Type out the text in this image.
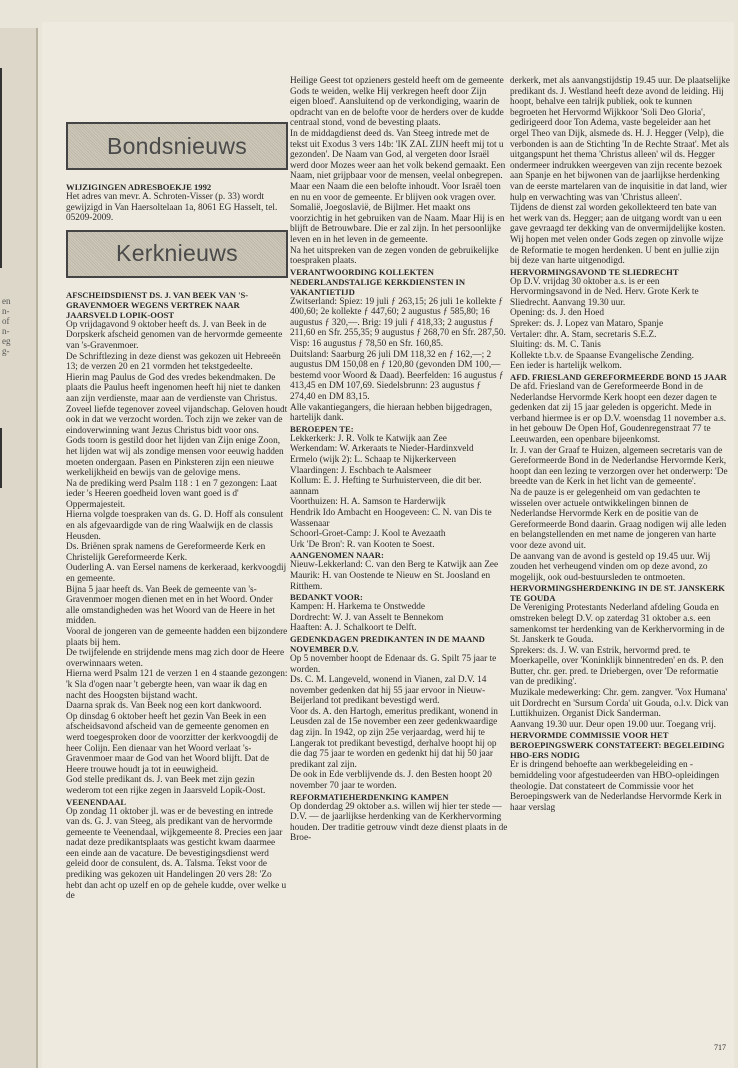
en
n-
of
n-
eg
g-
Bondsnieuws

WIJZIGINGEN ADRESBOEKJE 1992

Het adres van mevr. A. Schroten-Visser (p. 33) wordt gewijzigd in Van Haersoltelaan 1a, 8061 EG Hasselt, tel. 05209-2009.

Kerknieuws

AFSCHEIDSDIENST DS. J. VAN BEEK VAN 'S-GRAVENMOER WEGENS VERTREK NAAR JAARSVELD LOPIK-OOST

Op vrijdagavond 9 oktober heeft ds. J. van Beek in de Dorpskerk afscheid genomen van de hervormde gemeente van 's-Gravenmoer.

De Schriftlezing in deze dienst was gekozen uit Hebreeën 13; de verzen 20 en 21 vormden het tekstgedeelte.

Hierin mag Paulus de God des vredes bekendmaken. De plaats die Paulus heeft ingenomen heeft hij niet te danken aan zijn verdienste, maar aan de verdienste van Christus.

Zoveel liefde tegenover zoveel vijandschap. Geloven houdt ook in dat we verzocht worden. Toch zijn we zeker van de eindoverwinning want Jezus Christus bidt voor ons.

Gods toorn is gestild door het lijden van Zijn enige Zoon, het lijden wat wij als zondige mensen voor eeuwig hadden moeten ondergaan. Pasen en Pinksteren zijn een nieuwe werkelijkheid en bewijs van de gelovige mens.

Na de prediking werd Psalm 118 : 1 en 7 gezongen: Laat ieder 's Heeren goedheid loven want goed is d' Oppermajesteit.

Hierna volgde toespraken van ds. G. D. Hoff als consulent en als afgevaardigde van de ring Waalwijk en de classis Heusden.

Ds. Briënen sprak namens de Gereformeerde Kerk en Christelijk Gereformeerde Kerk.

Ouderling A. van Eersel namens de kerkeraad, kerkvoogdij en gemeente.

Bijna 5 jaar heeft ds. Van Beek de gemeente van 's-Gravenmoer mogen dienen met en in het Woord. Onder alle omstandigheden was het Woord van de Heere in het midden.

Vooral de jongeren van de gemeente hadden een bijzondere plaats bij hem.

De twijfelende en strijdende mens mag zich door de Heere overwinnaars weten.

Hierna werd Psalm 121 de verzen 1 en 4 staande gezongen: 'k Sla d'ogen naar 't gebergte heen, van waar ik dag en nacht des Hoogsten bijstand wacht.

Daarna sprak ds. Van Beek nog een kort dankwoord.

Op dinsdag 6 oktober heeft het gezin Van Beek in een afscheidsavond afscheid van de gemeente genomen en werd toegesproken door de voorzitter der kerkvoogdij de heer Colijn. Een dienaar van het Woord verlaat 's-Gravenmoer maar de God van het Woord blijft. Dat de Heere trouwe houdt ja tot in eeuwigheid.

God stelle predikant ds. J. van Beek met zijn gezin wederom tot een rijke zegen in Jaarsveld Lopik-Oost.

VEENENDAAL

Op zondag 11 oktober jl. was er de bevesting en intrede van ds. G. J. van Steeg, als predikant van de hervormde gemeente te Veenendaal, wijkgemeente 8. Precies een jaar nadat deze predikantsplaats was gesticht kwam daarmee een einde aan de vacature. De bevestigingsdienst werd geleid door de consulent, ds. A. Talsma. Tekst voor de prediking was gekozen uit Handelingen 20 vers 28: 'Zo hebt dan acht op uzelf en op de gehele kudde, over welke u de

Heilige Geest tot opzieners gesteld heeft om de gemeente Gods te weiden, welke Hij verkregen heeft door Zijn eigen bloed'. Aansluitend op de verkondiging, waarin de opdracht van en de belofte voor de herders over de kudde centraal stond, vond de bevesting plaats.
In de middagdienst deed ds. Van Steeg intrede met de tekst uit Exodus 3 vers 14b: 'IK ZAL ZIJN heeft mij tot u gezonden'. De Naam van God, al vergeten door Israël werd door Mozes weer aan het volk bekend gemaakt. Een Naam, niet grijpbaar voor de mensen, veelal onbegrepen. Maar een Naam die een belofte inhoudt. Voor Israël toen en nu en voor de gemeente. Er blijven ook vragen over. Somalië, Joegoslavië, de Bijlmer. Het maakt ons voorzichtig in het gebruiken van de Naam. Maar Hij is en blijft de Betrouwbare. Die er zal zijn. In het persoonlijke leven en in het leven in de gemeente.
Na het uitspreken van de zegen vonden de gebruikelijke toespraken plaats.

VERANTWOORDING KOLLEKTEN NEDERLANDSTALIGE KERKDIENSTEN IN VAKANTIETIJD

Zwitserland: Spiez: 19 juli ƒ 263,15; 26 juli 1e kollekte ƒ 400,60; 2e kollekte ƒ 447,60; 2 augustus ƒ 585,80; 16 augustus ƒ 320,—. Brig: 19 juli ƒ 418,33; 2 augustus ƒ 211,60 en Sfr. 255,35; 9 augustus ƒ 268,70 en Sfr. 287,50. Visp: 16 augustus ƒ 78,50 en Sfr. 160,85.
Duitsland: Saarburg 26 juli DM 118,32 en ƒ 162,—; 2 augustus DM 150,08 en ƒ 120,80 (gevonden DM 100,— bestemd voor Woord & Daad). Beerfelden: 16 augustus ƒ 413,45 en DM 107,69. Siedelsbrunn: 23 augustus ƒ 274,40 en DM 83,15.
Alle vakantiegangers, die hieraan hebben bijgedragen, hartelijk dank.

BEROEPEN TE:

Lekkerkerk: J. R. Volk te Katwijk aan Zee
Werkendam: W. Arkeraats te Nieder-Hardinxveld
Ermelo (wijk 2): L. Schaap te Nijkerkerveen
Vlaardingen: J. Eschbach te Aalsmeer
Kollum: E. J. Hefting te Surhuisterveen, die dit ber. aannam
Voorthuizen: H. A. Samson te Harderwijk
Hendrik Ido Ambacht en Hoogeveen: C. N. van Dis te Wassenaar
Schoorl-Groet-Camp: J. Kool te Avezaath
Urk 'De Bron': R. van Kooten te Soest.

AANGENOMEN NAAR:

Nieuw-Lekkerland: C. van den Berg te Katwijk aan Zee
Maurik: H. van Oostende te Nieuw en St. Joosland en Ritthem.

BEDANKT VOOR:

Kampen: H. Harkema te Onstwedde
Dordrecht: W. J. van Asselt te Bennekom
Haaften: A. J. Schalkoort te Delft.

GEDENKDAGEN PREDIKANTEN IN DE MAAND NOVEMBER D.V.

Op 5 november hoopt de Edenaar ds. G. Spilt 75 jaar te worden.
Ds. C. M. Langeveld, wonend in Vianen, zal D.V. 14 november gedenken dat hij 55 jaar ervoor in Nieuw-Beijerland tot predikant bevestigd werd.
Voor ds. A. den Hartogh, emeritus predikant, wonend in Leusden zal de 15e november een zeer gedenkwaardige dag zijn. In 1942, op zijn 25e verjaardag, werd hij te Langerak tot predikant bevestigd, derhalve hoopt hij op die dag 75 jaar te worden en gedenkt hij dat hij 50 jaar predikant zal zijn.
De ook in Ede verblijvende ds. J. den Besten hoopt 20 november 70 jaar te worden.

REFORMATIEHERDENKING KAMPEN

Op donderdag 29 oktober a.s. willen wij hier ter stede — D.V. — de jaarlijkse herdenking van de Kerkhervorming houden. Der traditie getrouw vindt deze dienst plaats in de Broe-

derkerk, met als aanvangstijdstip 19.45 uur. De plaatselijke predikant ds. J. Westland heeft deze avond de leiding. Hij hoopt, behalve een talrijk publiek, ook te kunnen begroeten het Hervormd Wijkkoor 'Soli Deo Gloria', gedirigeerd door Ton Adema, vaste begeleider aan het orgel Theo van Dijk, alsmede ds. H. J. Hegger (Velp), die verbonden is aan de Stichting 'In de Rechte Straat'. Met als uitgangspunt het thema 'Christus alleen' wil ds. Hegger ondermeer indrukken weergeven van zijn recente bezoek aan Spanje en het bijwonen van de jaarlijkse herdenking van de eerste martelaren van de inquisitie in dat land, wier hulp en verwachting was van 'Christus alleen'.
Tijdens de dienst zal worden gekollekteerd ten bate van het werk van ds. Hegger; aan de uitgang wordt van u een gave gevraagd ter dekking van de onvermijdelijke kosten.
Wij hopen met velen onder Gods zegen op zinvolle wijze de Reformatie te mogen herdenken. U bent en jullie zijn bij deze van harte uitgenodigd.

HERVORMINGSAVOND TE SLIEDRECHT

Op D.V. vrijdag 30 oktober a.s. is er een Hervormingsavond in de Ned. Herv. Grote Kerk te Sliedrecht. Aanvang 19.30 uur.
Opening: ds. J. den Hoed
Spreker: ds. J. Lopez van Mataro, Spanje
Vertaler: dhr. A. Stam, secretaris S.E.Z.
Sluiting: ds. M. C. Tanis
Kollekte t.b.v. de Spaanse Evangelische Zending.
Een ieder is hartelijk welkom.

AFD. FRIESLAND GEREFORMEERDE BOND 15 JAAR

De afd. Friesland van de Gereformeerde Bond in de Nederlandse Hervormde Kerk hoopt een dezer dagen te gedenken dat zij 15 jaar geleden is opgericht. Mede in verband hiermee is er op D.V. woensdag 11 november a.s. in het gebouw De Open Hof, Goudenregenstraat 77 te Leeuwarden, een openbare bijeenkomst.
Ir. J. van der Graaf te Huizen, algemeen secretaris van de Gereformeerde Bond in de Nederlandse Hervormde Kerk, hoopt dan een lezing te verzorgen over het onderwerp: 'De breedte van de Kerk in het licht van de gemeente'.
Na de pauze is er gelegenheid om van gedachten te wisselen over actuele ontwikkelingen binnen de Nederlandse Hervormde Kerk en de positie van de Gereformeerde Bond daarin. Graag nodigen wij alle leden en belangstellenden en met name de jongeren van harte voor deze avond uit.
De aanvang van de avond is gesteld op 19.45 uur. Wij zouden het verheugend vinden om op deze avond, zo mogelijk, ook oud-bestuursleden te ontmoeten.

HERVORMINGSHERDENKING IN DE ST. JANSKERK TE GOUDA

De Vereniging Protestants Nederland afdeling Gouda en omstreken belegt D.V. op zaterdag 31 oktober a.s. een samenkomst ter herdenking van de Kerkhervorming in de St. Janskerk te Gouda.
Sprekers: ds. J. W. van Estrik, hervormd pred. te Moerkapelle, over 'Koninklijk binnentreden' en ds. P. den Butter, chr. ger. pred. te Driebergen, over 'De reformatie van de prediking'.
Muzikale medewerking: Chr. gem. zangver. 'Vox Humana' uit Dordrecht en 'Sursum Corda' uit Gouda, o.l.v. Dick van Luttikhuizen. Organist Dick Sanderman.
Aanvang 19.30 uur. Deur open 19.00 uur. Toegang vrij.

HERVORMDE COMMISSIE VOOR HET BEROEPINGSWERK CONSTATEERT: BEGELEIDING HBO-ERS NODIG

Er is dringend behoefte aan werkbegeleiding en -bemiddeling voor afgestudeerden van HBO-opleidingen theologie. Dat constateert de Commissie voor het Beroepingswerk van de Nederlandse Hervormde Kerk in haar verslag

717
